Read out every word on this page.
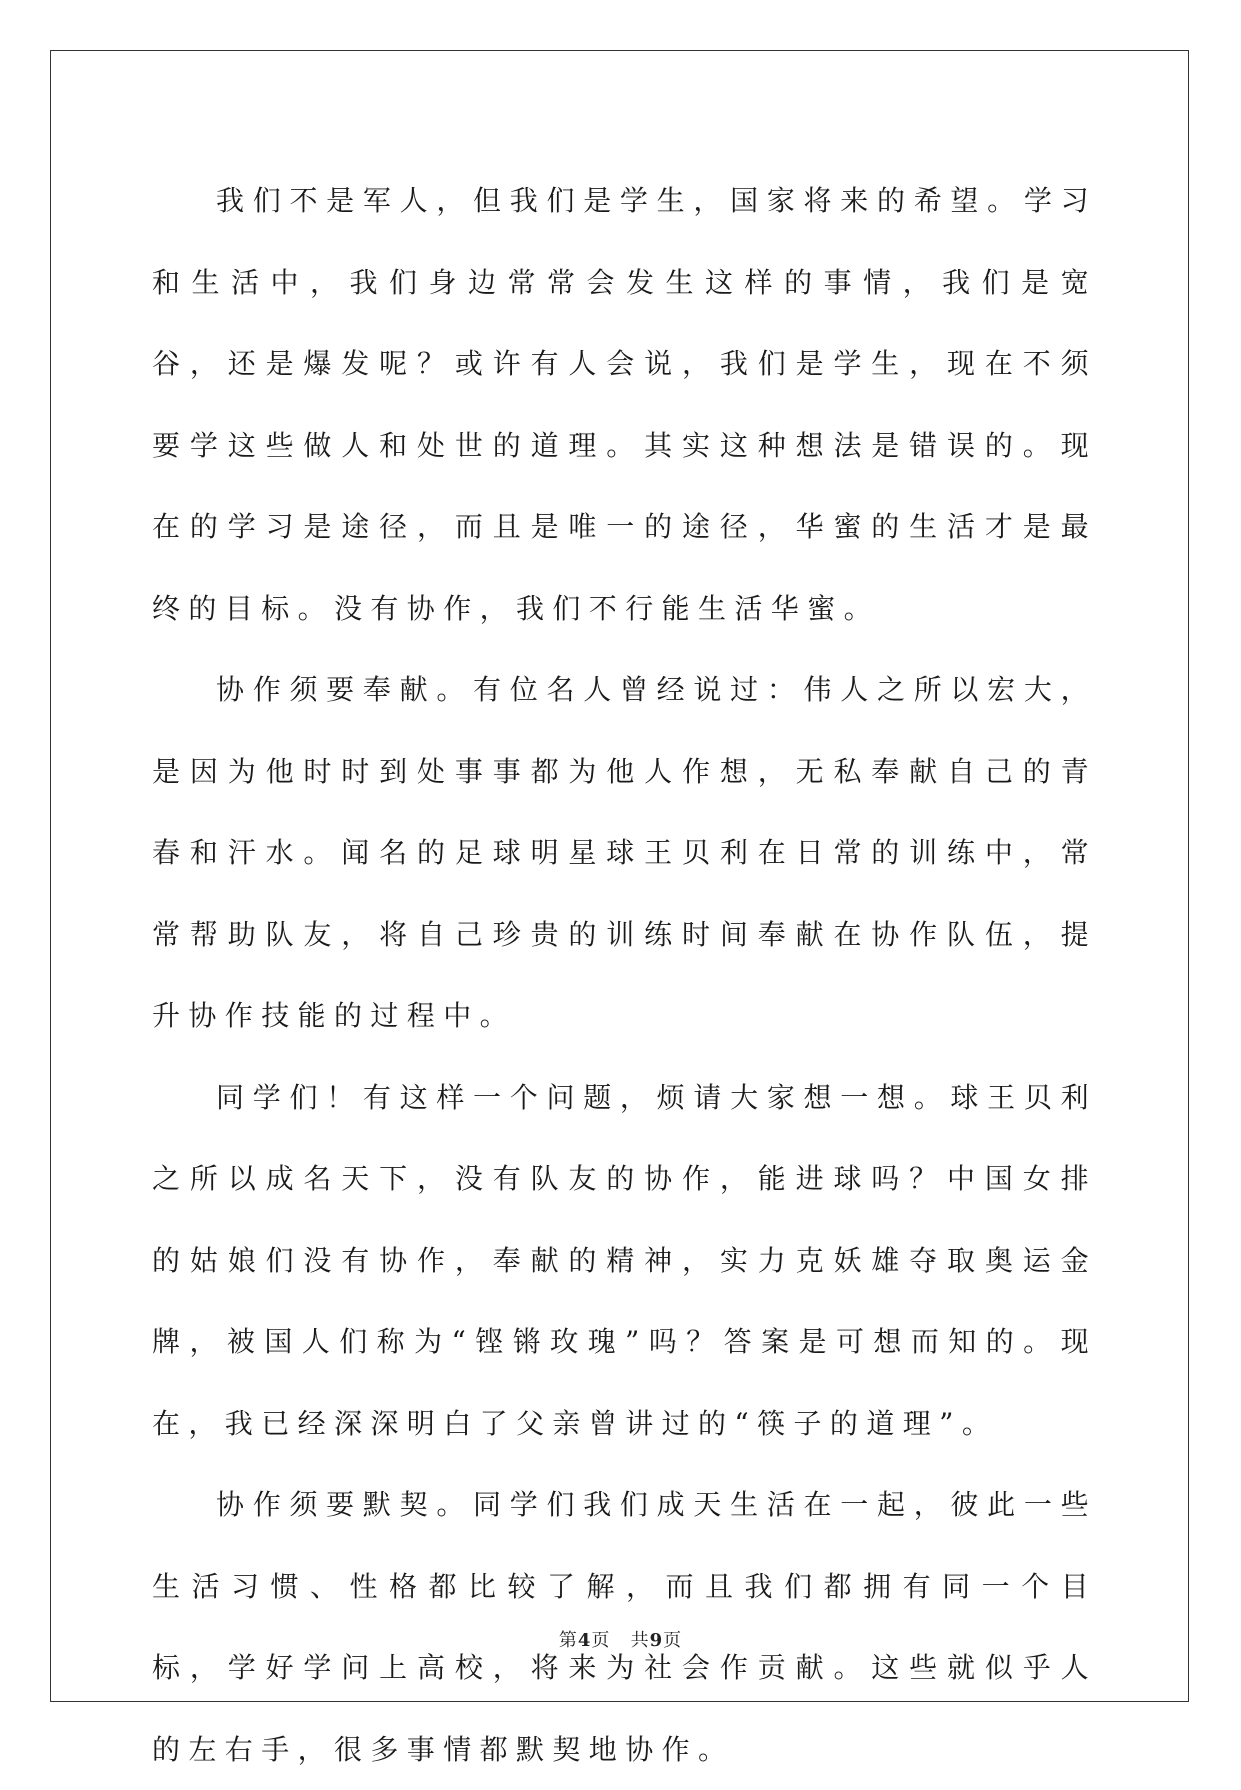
我们不是军人，但我们是学生，国家将来的希望。学习和生活中，我们身边常常会发生这样的事情，我们是宽谷，还是爆发呢？或许有人会说，我们是学生，现在不须要学这些做人和处世的道理。其实这种想法是错误的。现在的学习是途径，而且是唯一的途径，华蜜的生活才是最终的目标。没有协作，我们不行能生活华蜜。

协作须要奉献。有位名人曾经说过：伟人之所以宏大，是因为他时时到处事事都为他人作想，无私奉献自己的青春和汗水。闻名的足球明星球王贝利在日常的训练中，常常帮助队友，将自己珍贵的训练时间奉献在协作队伍，提升协作技能的过程中。

同学们！有这样一个问题，烦请大家想一想。球王贝利之所以成名天下，没有队友的协作，能进球吗？中国女排的姑娘们没有协作，奉献的精神，实力克妖雄夺取奥运金牌，被国人们称为“铿锵玫瑰”吗？答案是可想而知的。现在，我已经深深明白了父亲曾讲过的“筷子的道理”。

协作须要默契。同学们我们成天生活在一起，彼此一些生活习惯、性格都比较了解，而且我们都拥有同一个目标，学好学问上高校，将来为社会作贡献。这些就似乎人的左右手，很多事情都默契地协作。

第4页 共9页
